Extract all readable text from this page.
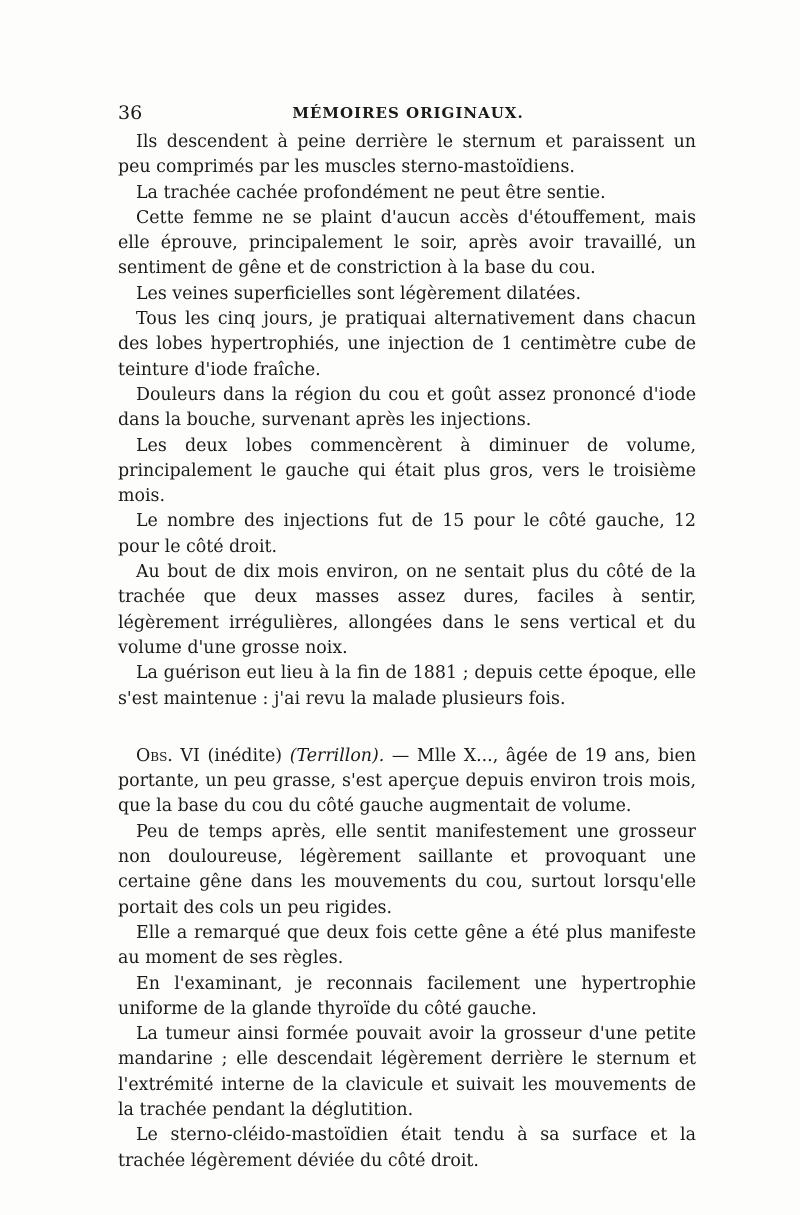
36	MÉMOIRES ORIGINAUX.

Ils descendent à peine derrière le sternum et paraissent un peu comprimés par les muscles sterno-mastoïdiens.

La trachée cachée profondément ne peut être sentie.

Cette femme ne se plaint d'aucun accès d'étouffement, mais elle éprouve, principalement le soir, après avoir travaillé, un sentiment de gêne et de constriction à la base du cou.

Les veines superficielles sont légèrement dilatées.

Tous les cinq jours, je pratiquai alternativement dans chacun des lobes hypertrophiés, une injection de 1 centimètre cube de teinture d'iode fraîche.

Douleurs dans la région du cou et goût assez prononcé d'iode dans la bouche, survenant après les injections.

Les deux lobes commencèrent à diminuer de volume, principalement le gauche qui était plus gros, vers le troisième mois.

Le nombre des injections fut de 15 pour le côté gauche, 12 pour le côté droit.

Au bout de dix mois environ, on ne sentait plus du côté de la trachée que deux masses assez dures, faciles à sentir, légèrement irrégulières, allongées dans le sens vertical et du volume d'une grosse noix.

La guérison eut lieu à la fin de 1881 ; depuis cette époque, elle s'est maintenue : j'ai revu la malade plusieurs fois.

Obs. VI (inédite) (Terrillon). — Mlle X..., âgée de 19 ans, bien portante, un peu grasse, s'est aperçue depuis environ trois mois, que la base du cou du côté gauche augmentait de volume.

Peu de temps après, elle sentit manifestement une grosseur non douloureuse, légèrement saillante et provoquant une certaine gêne dans les mouvements du cou, surtout lorsqu'elle portait des cols un peu rigides.

Elle a remarqué que deux fois cette gêne a été plus manifeste au moment de ses règles.

En l'examinant, je reconnais facilement une hypertrophie uniforme de la glande thyroïde du côté gauche.

La tumeur ainsi formée pouvait avoir la grosseur d'une petite mandarine ; elle descendait légèrement derrière le sternum et l'extrémité interne de la clavicule et suivait les mouvements de la trachée pendant la déglutition.

Le sterno-cléido-mastoïdien était tendu à sa surface et la trachée légèrement déviée du côté droit.
